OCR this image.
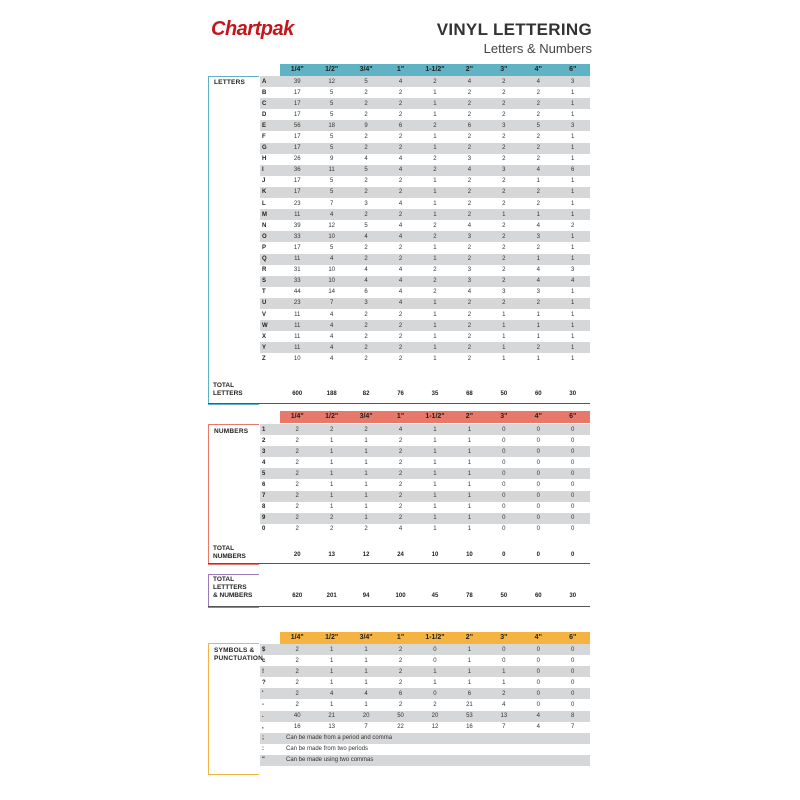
Chartpak	VINYL LETTERING
Letters & Numbers
LETTERS
1/4"	1/2"	3/4"	1"	1-1/2"	2"	3"	4"	6"
A	39	12	5	4	2	4	2	4	3
B	17	5	2	2	1	2	2	2	1
C	17	5	2	2	1	2	2	2	1
D	17	5	2	2	1	2	2	2	1
E	56	18	9	6	2	6	3	5	3
F	17	5	2	2	1	2	2	2	1
G	17	5	2	2	1	2	2	2	1
H	26	9	4	4	2	3	2	2	1
I	36	11	5	4	2	4	3	4	6
J	17	5	2	2	1	2	2	1	1
K	17	5	2	2	1	2	2	2	1
L	23	7	3	4	1	2	2	2	1
M	11	4	2	2	1	2	1	1	1
N	39	12	5	4	2	4	2	4	2
O	33	10	4	4	2	3	2	3	1
P	17	5	2	2	1	2	2	2	1
Q	11	4	2	2	1	2	2	1	1
R	31	10	4	4	2	3	2	4	3
S	33	10	4	4	2	3	2	4	4
T	44	14	6	4	2	4	3	3	1
U	23	7	3	4	1	2	2	2	1
V	11	4	2	2	1	2	1	1	1
W	11	4	2	2	1	2	1	1	1
X	11	4	2	2	1	2	1	1	1
Y	11	4	2	2	1	2	1	2	1
Z	10	4	2	2	1	2	1	1	1
TOTAL
LETTERS	600	188	82	76	35	68	50	60	30
NUMBERS
1/4"	1/2"	3/4"	1"	1-1/2"	2"	3"	4"	6"
1	2	2	2	4	1	1	0	0	0
2	2	1	1	2	1	1	0	0	0
3	2	1	1	2	1	1	0	0	0
4	2	1	1	2	1	1	0	0	0
5	2	1	1	2	1	1	0	0	0
6	2	1	1	2	1	1	0	0	0
7	2	1	1	2	1	1	0	0	0
8	2	1	1	2	1	1	0	0	0
9	2	2	1	2	1	1	0	0	0
0	2	2	2	4	1	1	0	0	0
TOTAL
NUMBERS	20	13	12	24	10	10	0	0	0
TOTAL
LETTTERS
& NUMBERS	620	201	94	100	45	78	50	60	30
SYMBOLS &
PUNCTUATION
1/4"	1/2"	3/4"	1"	1-1/2"	2"	3"	4"	6"
$	2	1	1	2	0	1	0	0	0
c	2	1	1	2	0	1	0	0	0
!	2	1	1	2	1	1	1	0	0
?	2	1	1	2	1	1	1	0	0
'	2	4	4	6	0	6	2	0	0
-	2	1	1	2	2	21	4	0	0
.	40	21	20	50	20	53	13	4	8
,	16	13	7	22	12	16	7	4	7
;	Can be made from a period and comma
:	Can be made from two periods
"	Can be made using two commas
